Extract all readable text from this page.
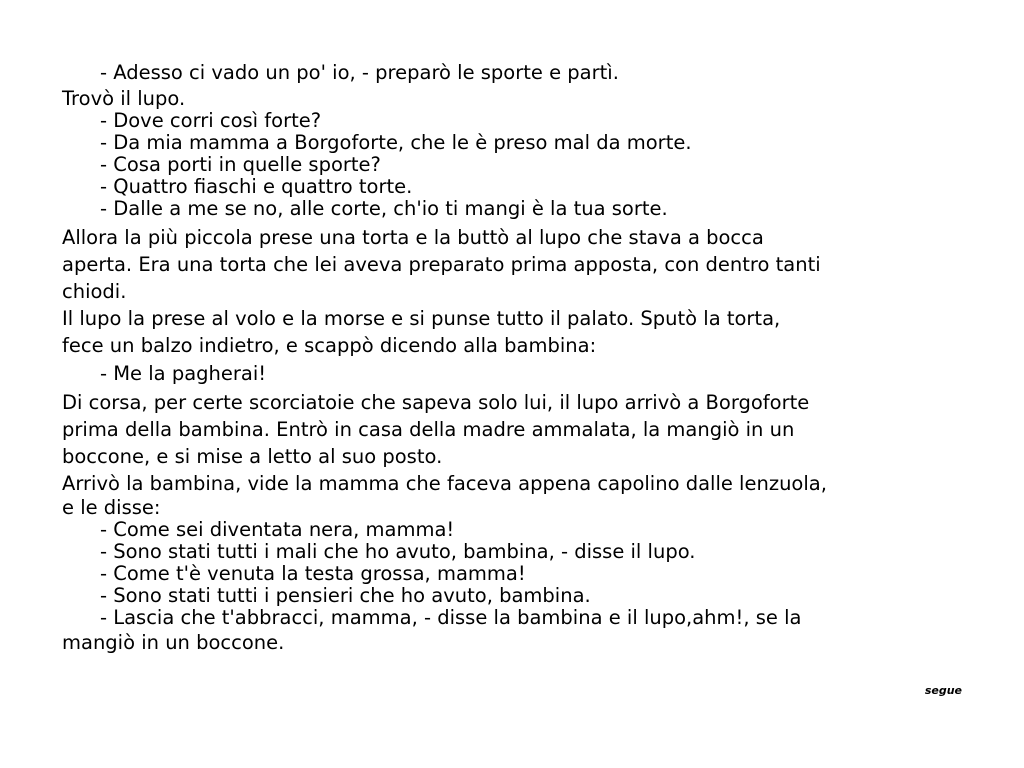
- Adesso ci vado un po' io, - preparò le sporte e partì.
Trovò il lupo.
- Dove corri così forte?
- Da mia mamma a Borgoforte, che le è preso mal da morte.
- Cosa porti in quelle sporte?
- Quattro fiaschi e quattro torte.
- Dalle a me se no, alle corte, ch'io ti mangi è la tua sorte.
Allora la più piccola prese una torta e la buttò al lupo che stava a bocca
aperta. Era una torta che lei aveva preparato prima apposta, con dentro tanti
chiodi.
Il lupo la prese al volo e la morse e si punse tutto il palato. Sputò la torta,
fece un balzo indietro, e scappò dicendo alla bambina:
- Me la pagherai!
Di corsa, per certe scorciatoie che sapeva solo lui, il lupo arrivò a Borgoforte
prima della bambina. Entrò in casa della madre ammalata, la mangiò in un
boccone, e si mise a letto al suo posto.
Arrivò la bambina, vide la mamma che faceva appena capolino dalle lenzuola,
e le disse:
- Come sei diventata nera, mamma!
- Sono stati tutti i mali che ho avuto, bambina, - disse il lupo.
- Come t'è venuta la testa grossa, mamma!
- Sono stati tutti i pensieri che ho avuto, bambina.
- Lascia che t'abbracci, mamma, - disse la bambina e il lupo,ahm!, se la
mangiò in un boccone.
segue
